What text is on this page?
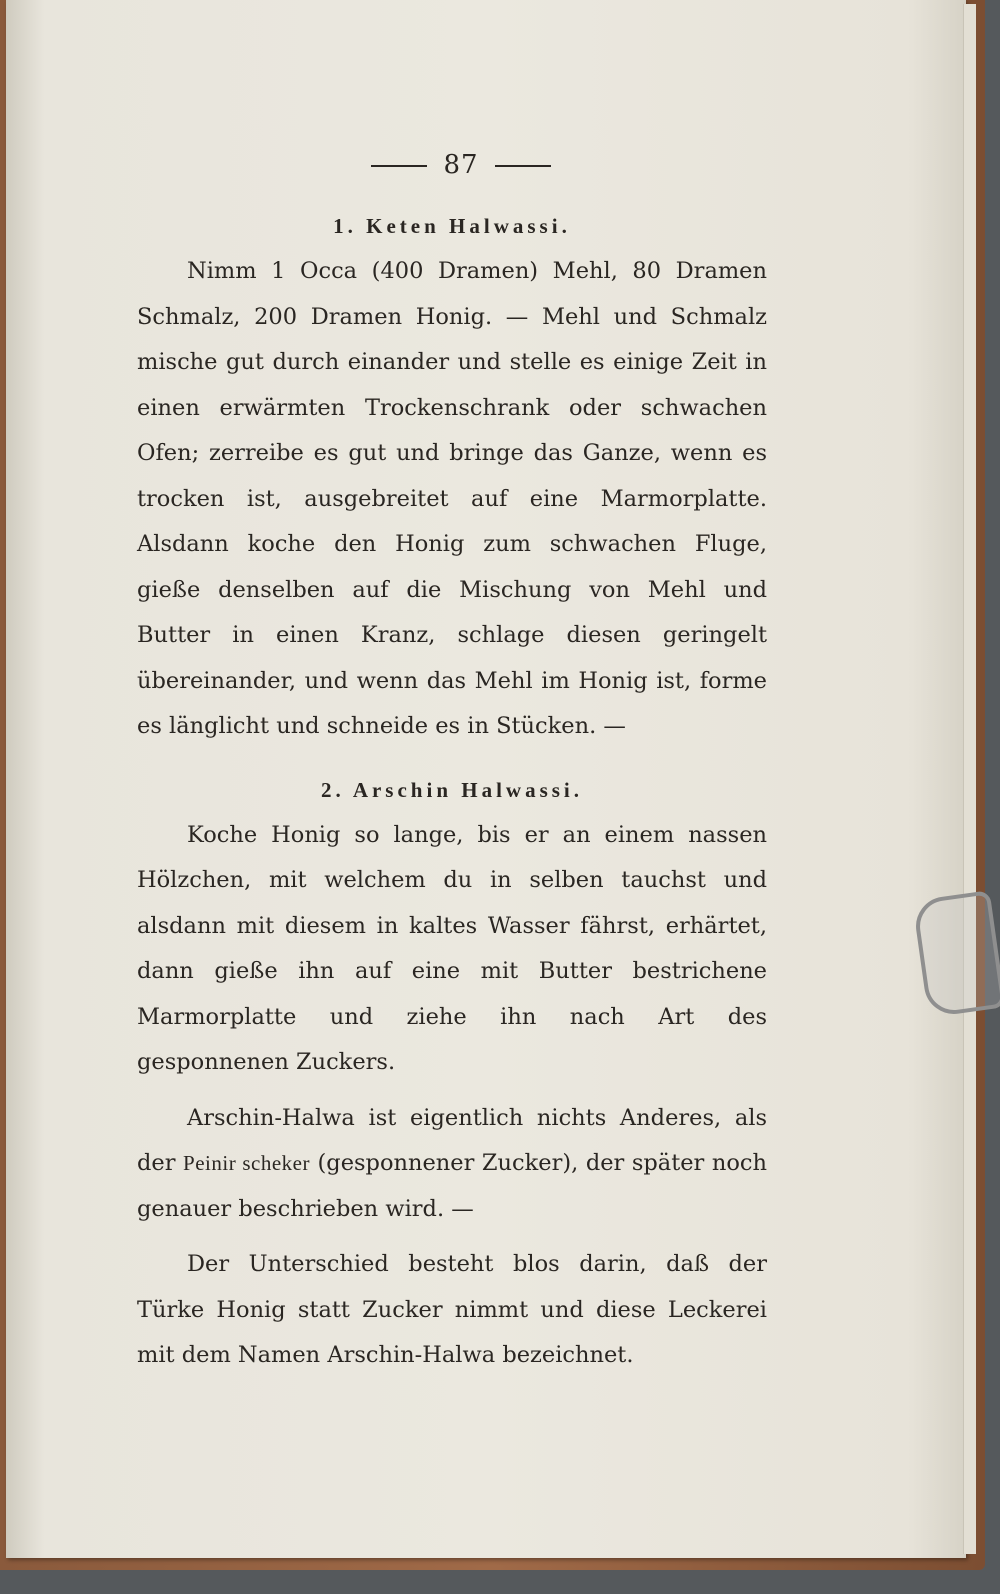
87
1. Keten Halwassi.

Nimm 1 Occa (400 Dramen) Mehl, 80 Dramen Schmalz, 200 Dramen Honig. — Mehl und Schmalz mische gut durch einander und stelle es einige Zeit in einen erwärmten Trockenschrank oder schwachen Ofen; zerreibe es gut und bringe das Ganze, wenn es trocken ist, ausgebreitet auf eine Marmorplatte. Alsdann koche den Honig zum schwachen Fluge, gieße denselben auf die Mischung von Mehl und Butter in einen Kranz, schlage diesen geringelt übereinander, und wenn das Mehl im Honig ist, forme es länglicht und schneide es in Stücken. —

2. Arschin Halwassi.

Koche Honig so lange, bis er an einem nassen Hölzchen, mit welchem du in selben tauchst und alsdann mit diesem in kaltes Wasser fährst, erhärtet, dann gieße ihn auf eine mit Butter bestrichene Marmorplatte und ziehe ihn nach Art des gesponnenen Zuckers.

Arschin-Halwa ist eigentlich nichts Anderes, als der Peinir scheker (gesponnener Zucker), der später noch genauer beschrieben wird. —

Der Unterschied besteht blos darin, daß der Türke Honig statt Zucker nimmt und diese Leckerei mit dem Namen Arschin-Halwa bezeichnet.
